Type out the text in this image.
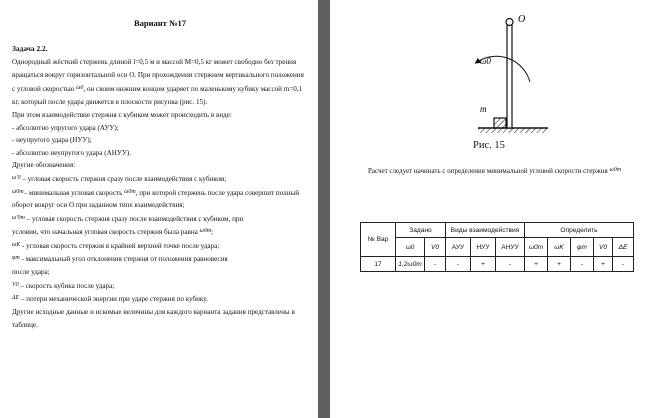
Вариант №17
Задача 2.2.

Однородный жёсткий стержень длиной l=0,5 м и массой M=0,5 кг может свободно без трения вращаться вокруг горизонтальной оси O. При прохождении стержнем вертикального положения с угловой скоростью $^{\omega 0}$, он своим нижним концом ударяет по маленькому кубику массой m=0,1 кг, который после удара движется в плоскости рисунка (рис. 15).

При этом взаимодействие стержня с кубиком может происходить в виде:

- абсолютно упругого удара (АУУ);
- неупругого удара (НУУ);
- абсолютно неупругого удара (АНУУ).
Другие обозначения:
$^{\omega'0}$ – угловая скорость стержня сразу после взаимодействия с кубиком;
$^{\omega 0m}$– минимальная угловая скорость $^{\omega 0m}$, при которой стержень после удара совершит полный
оборот вокруг оси О при заданном типе взаимодействия;
$^{\omega'0m}$ – угловая скорость стержня сразу после взаимодействия с кубиком, при
условии, что начальная угловая скорость стержня была равна $^{\omega 0m}$;
$^{\omega K}$ - угловая скорость стержня в крайней верхней точке после удара;
$^{\varphi m}$ - максимальный угол отклонения стержня от положения равновесия
после удара;
$^{V0}$ – скорость кубика после удара;
$^{\Delta E}$ – потери механической энергии при ударе стержня по кубику.

Другие исходные данные и искомые величины для каждого варианта задания представлены в таблице.

O
ω0
m
Рис. 15
Расчет следует начинать с определения минимальной угловой скорости стержня ω0m
№ Вар	Задано		Виды взаимодействия			Определить				
	ω0	V0	АУУ	НУУ	АНУУ	ω0m	ωK	φm	V0	ΔE
17	1,2ω0m	-	-	+	-	+	+	-	+	-
